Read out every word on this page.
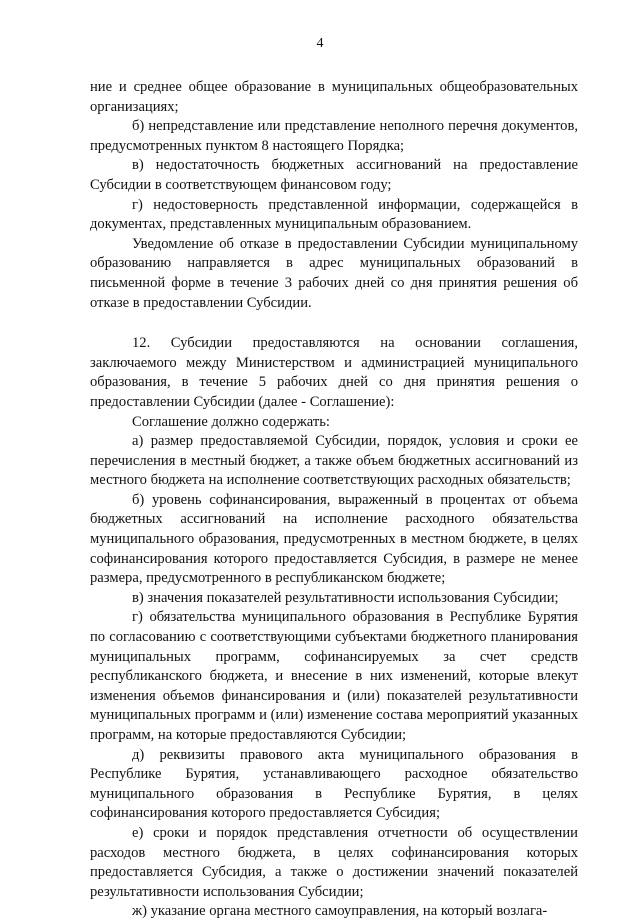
4

ние и среднее общее образование в муниципальных общеобразовательных организациях;

б) непредставление или представление неполного перечня документов, предусмотренных пунктом 8 настоящего Порядка;

в) недостаточность бюджетных ассигнований на предоставление Субсидии в соответствующем финансовом году;

г) недостоверность представленной информации, содержащейся в документах, представленных муниципальным образованием.

Уведомление об отказе в предоставлении Субсидии муниципальному образованию направляется в адрес муниципальных образований в письменной форме в течение 3 рабочих дней со дня принятия решения об отказе в предоставлении Субсидии.

12. Субсидии предоставляются на основании соглашения, заключаемого между Министерством и администрацией муниципального образования, в течение 5 рабочих дней со дня принятия решения о предоставлении Субсидии (далее - Соглашение):

Соглашение должно содержать:

а) размер предоставляемой Субсидии, порядок, условия и сроки ее перечисления в местный бюджет, а также объем бюджетных ассигнований из местного бюджета на исполнение соответствующих расходных обязательств;

б) уровень софинансирования, выраженный в процентах от объема бюджетных ассигнований на исполнение расходного обязательства муниципального образования, предусмотренных в местном бюджете, в целях софинансирования которого предоставляется Субсидия, в размере не менее размера, предусмотренного в республиканском бюджете;

в) значения показателей результативности использования Субсидии;

г) обязательства муниципального образования в Республике Бурятия по согласованию с соответствующими субъектами бюджетного планирования муниципальных программ, софинансируемых за счет средств республиканского бюджета, и внесение в них изменений, которые влекут изменения объемов финансирования и (или) показателей результативности муниципальных программ и (или) изменение состава мероприятий указанных программ, на которые предоставляются Субсидии;

д) реквизиты правового акта муниципального образования в Республике Бурятия, устанавливающего расходное обязательство муниципального образования в Республике Бурятия, в целях софинансирования которого предоставляется Субсидия;

е) сроки и порядок представления отчетности об осуществлении расходов местного бюджета, в целях софинансирования которых предоставляется Субсидия, а также о достижении значений показателей результативности использования Субсидии;

ж) указание органа местного самоуправления, на который возлага-
